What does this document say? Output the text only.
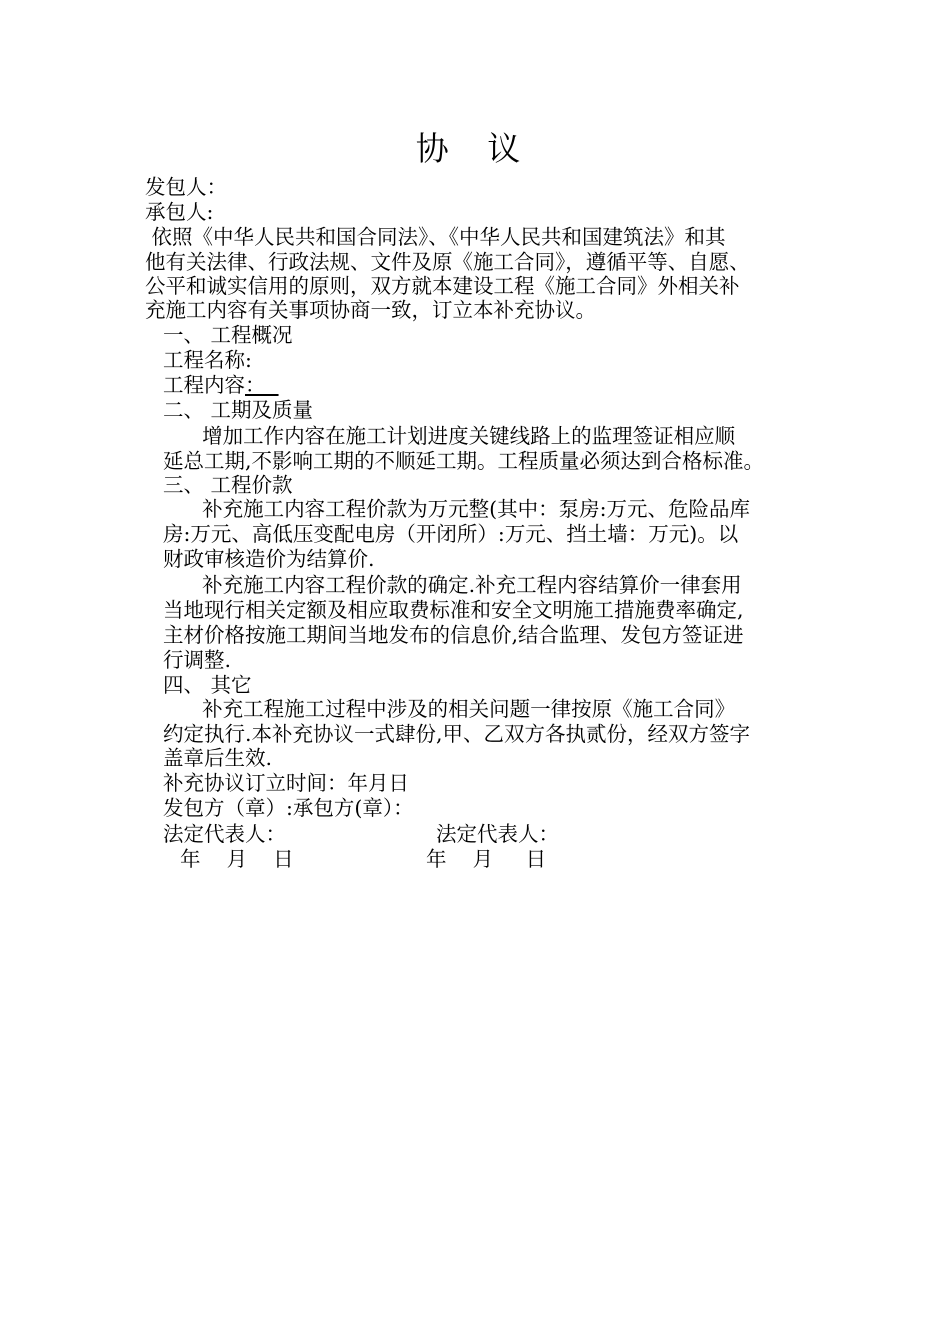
协 议
发包人：
承包人:
依照《中华人民共和国合同法》、《中华人民共和国建筑法》和其
他有关法律、行政法规、文件及原《施工合同》，遵循平等、自愿、
公平和诚实信用的原则，双方就本建设工程《施工合同》外相关补
充施工内容有关事项协商一致，订立本补充协议。
一、 工程概况
工程名称:
工程内容：
二、 工期及质量
增加工作内容在施工计划进度关键线路上的监理签证相应顺
延总工期,不影响工期的不顺延工期。工程质量必须达到合格标准。
三、 工程价款
补充施工内容工程价款为万元整(其中：泵房:万元、危险品库
房:万元、高低压变配电房（开闭所）:万元、挡土墙：万元)。以
财政审核造价为结算价.
补充施工内容工程价款的确定.补充工程内容结算价一律套用
当地现行相关定额及相应取费标准和安全文明施工措施费率确定,
主材价格按施工期间当地发布的信息价,结合监理、发包方签证进
行调整.
四、 其它
补充工程施工过程中涉及的相关问题一律按原《施工合同》
约定执行.本补充协议一式肆份,甲、乙双方各执贰份，经双方签字
盖章后生效.
补充协议订立时间：年月日
发包方（章）:承包方(章）：
法定代表人：	法定代表人：
年    月    日	年    月     日
